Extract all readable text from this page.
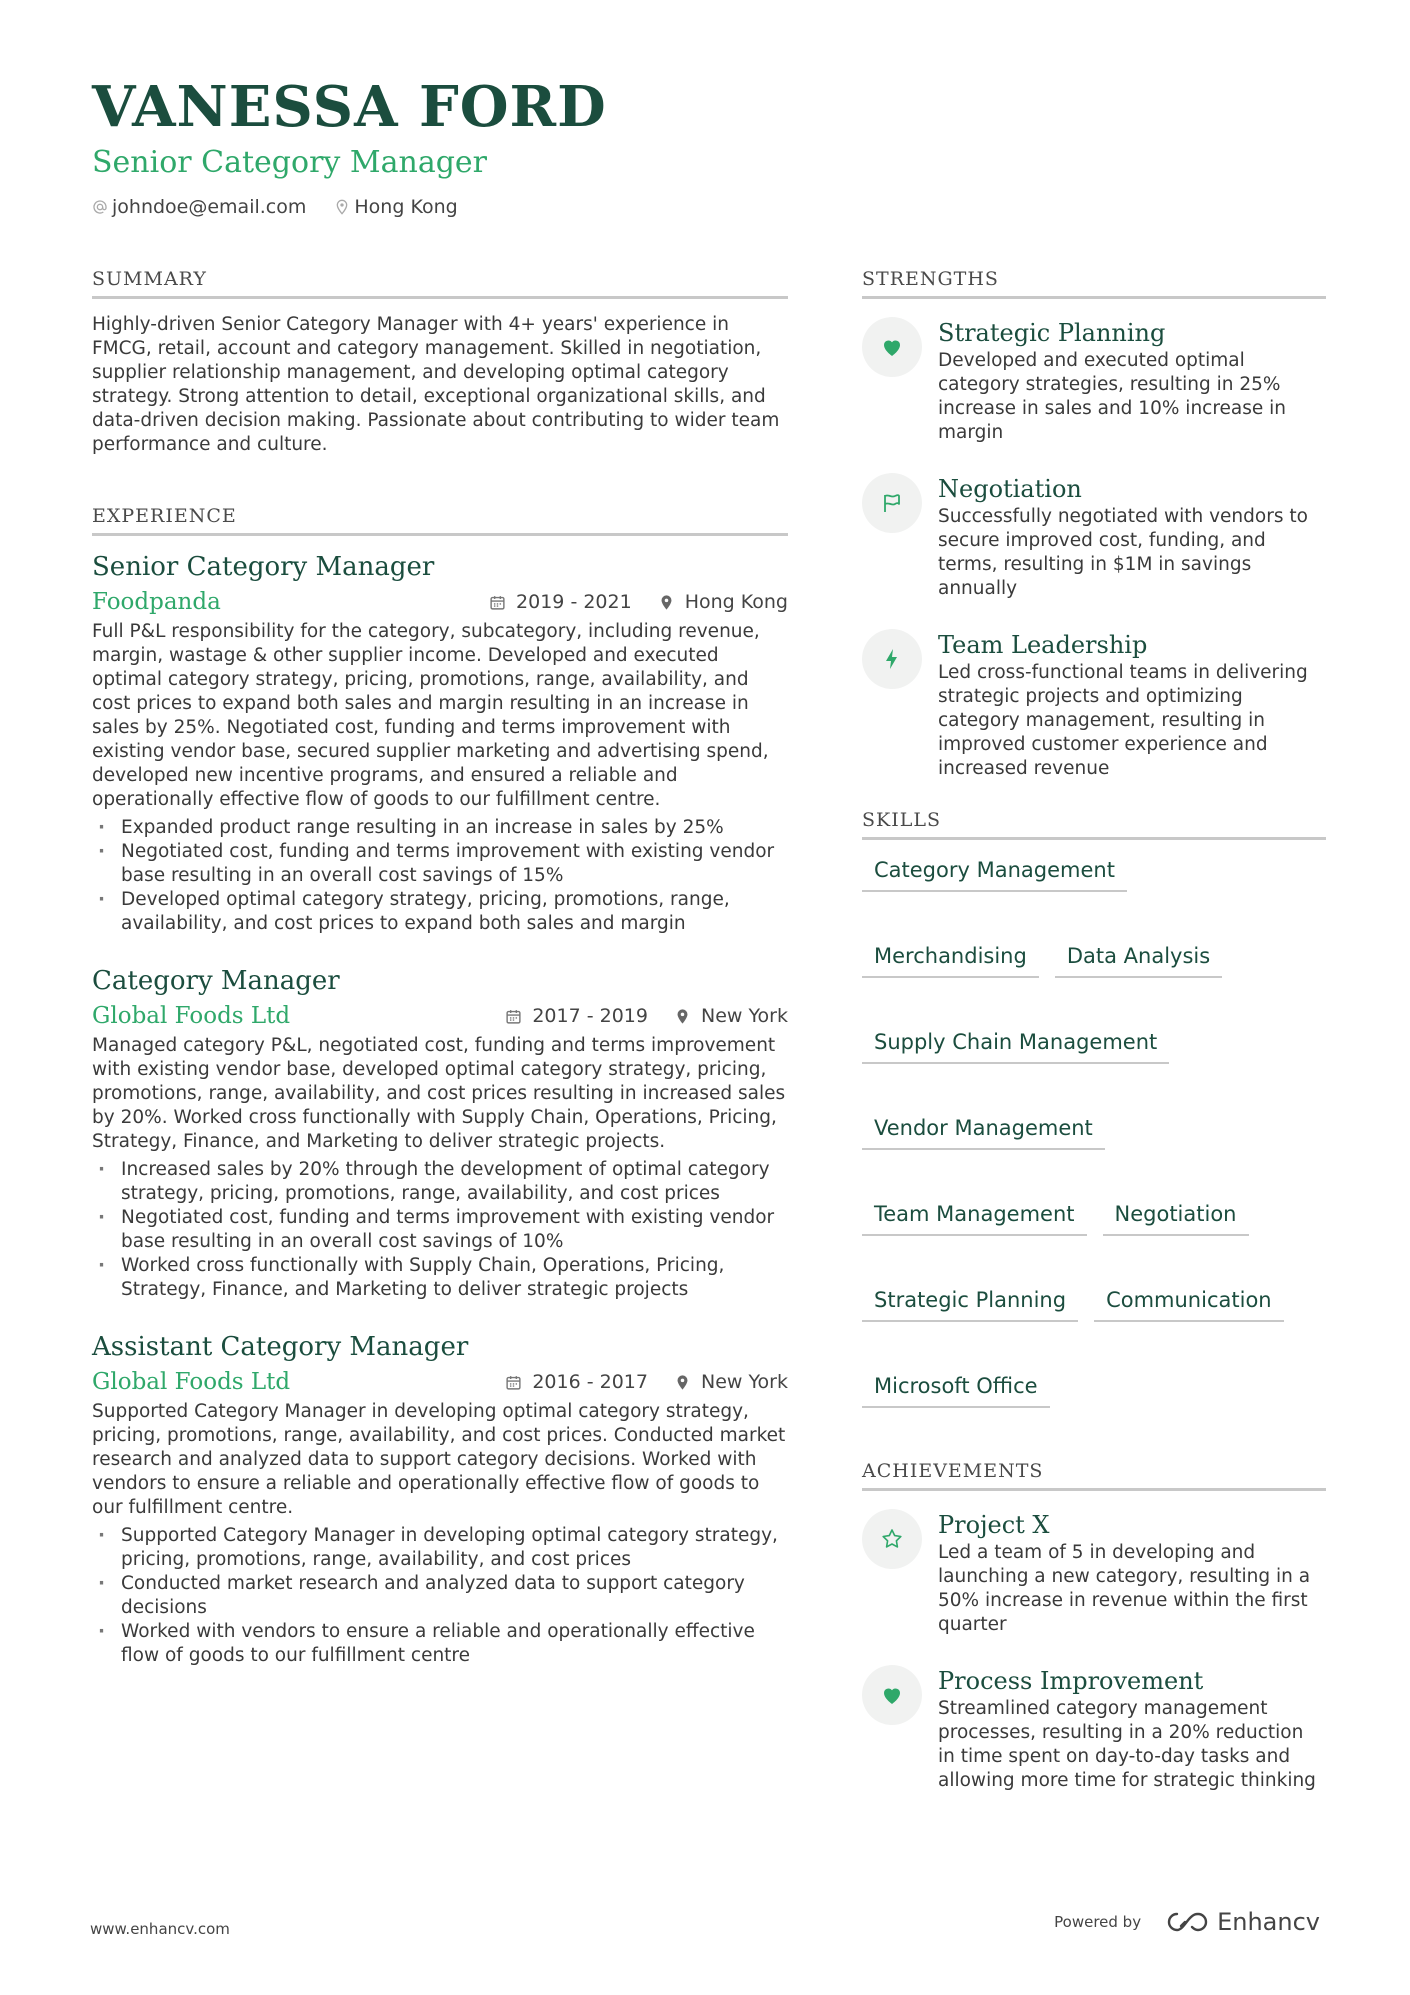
VANESSA FORD
Senior Category Manager
johndoe@email.com	Hong Kong
SUMMARY
Highly-driven Senior Category Manager with 4+ years' experience in FMCG, retail, account and category management. Skilled in negotiation, supplier relationship management, and developing optimal category strategy. Strong attention to detail, exceptional organizational skills, and data-driven decision making. Passionate about contributing to wider team performance and culture.
EXPERIENCE
Senior Category Manager
Foodpanda	2019 - 2021	Hong Kong
Full P&L responsibility for the category, subcategory, including revenue, margin, wastage & other supplier income. Developed and executed optimal category strategy, pricing, promotions, range, availability, and cost prices to expand both sales and margin resulting in an increase in sales by 25%. Negotiated cost, funding and terms improvement with existing vendor base, secured supplier marketing and advertising spend, developed new incentive programs, and ensured a reliable and operationally effective flow of goods to our fulfillment centre.
· Expanded product range resulting in an increase in sales by 25%
· Negotiated cost, funding and terms improvement with existing vendor base resulting in an overall cost savings of 15%
· Developed optimal category strategy, pricing, promotions, range, availability, and cost prices to expand both sales and margin
Category Manager
Global Foods Ltd	2017 - 2019	New York
Managed category P&L, negotiated cost, funding and terms improvement with existing vendor base, developed optimal category strategy, pricing, promotions, range, availability, and cost prices resulting in increased sales by 20%. Worked cross functionally with Supply Chain, Operations, Pricing, Strategy, Finance, and Marketing to deliver strategic projects.
· Increased sales by 20% through the development of optimal category strategy, pricing, promotions, range, availability, and cost prices
· Negotiated cost, funding and terms improvement with existing vendor base resulting in an overall cost savings of 10%
· Worked cross functionally with Supply Chain, Operations, Pricing, Strategy, Finance, and Marketing to deliver strategic projects
Assistant Category Manager
Global Foods Ltd	2016 - 2017	New York
Supported Category Manager in developing optimal category strategy, pricing, promotions, range, availability, and cost prices. Conducted market research and analyzed data to support category decisions. Worked with vendors to ensure a reliable and operationally effective flow of goods to our fulfillment centre.
· Supported Category Manager in developing optimal category strategy, pricing, promotions, range, availability, and cost prices
· Conducted market research and analyzed data to support category decisions
· Worked with vendors to ensure a reliable and operationally effective flow of goods to our fulfillment centre
STRENGTHS
Strategic Planning
Developed and executed optimal category strategies, resulting in 25% increase in sales and 10% increase in margin
Negotiation
Successfully negotiated with vendors to secure improved cost, funding, and terms, resulting in $1M in savings annually
Team Leadership
Led cross-functional teams in delivering strategic projects and optimizing category management, resulting in improved customer experience and increased revenue
SKILLS
Category Management
Merchandising	Data Analysis
Supply Chain Management
Vendor Management
Team Management	Negotiation
Strategic Planning	Communication
Microsoft Office
ACHIEVEMENTS
Project X
Led a team of 5 in developing and launching a new category, resulting in a 50% increase in revenue within the first quarter
Process Improvement
Streamlined category management processes, resulting in a 20% reduction in time spent on day-to-day tasks and allowing more time for strategic thinking
www.enhancv.com	Powered by	Enhancv
